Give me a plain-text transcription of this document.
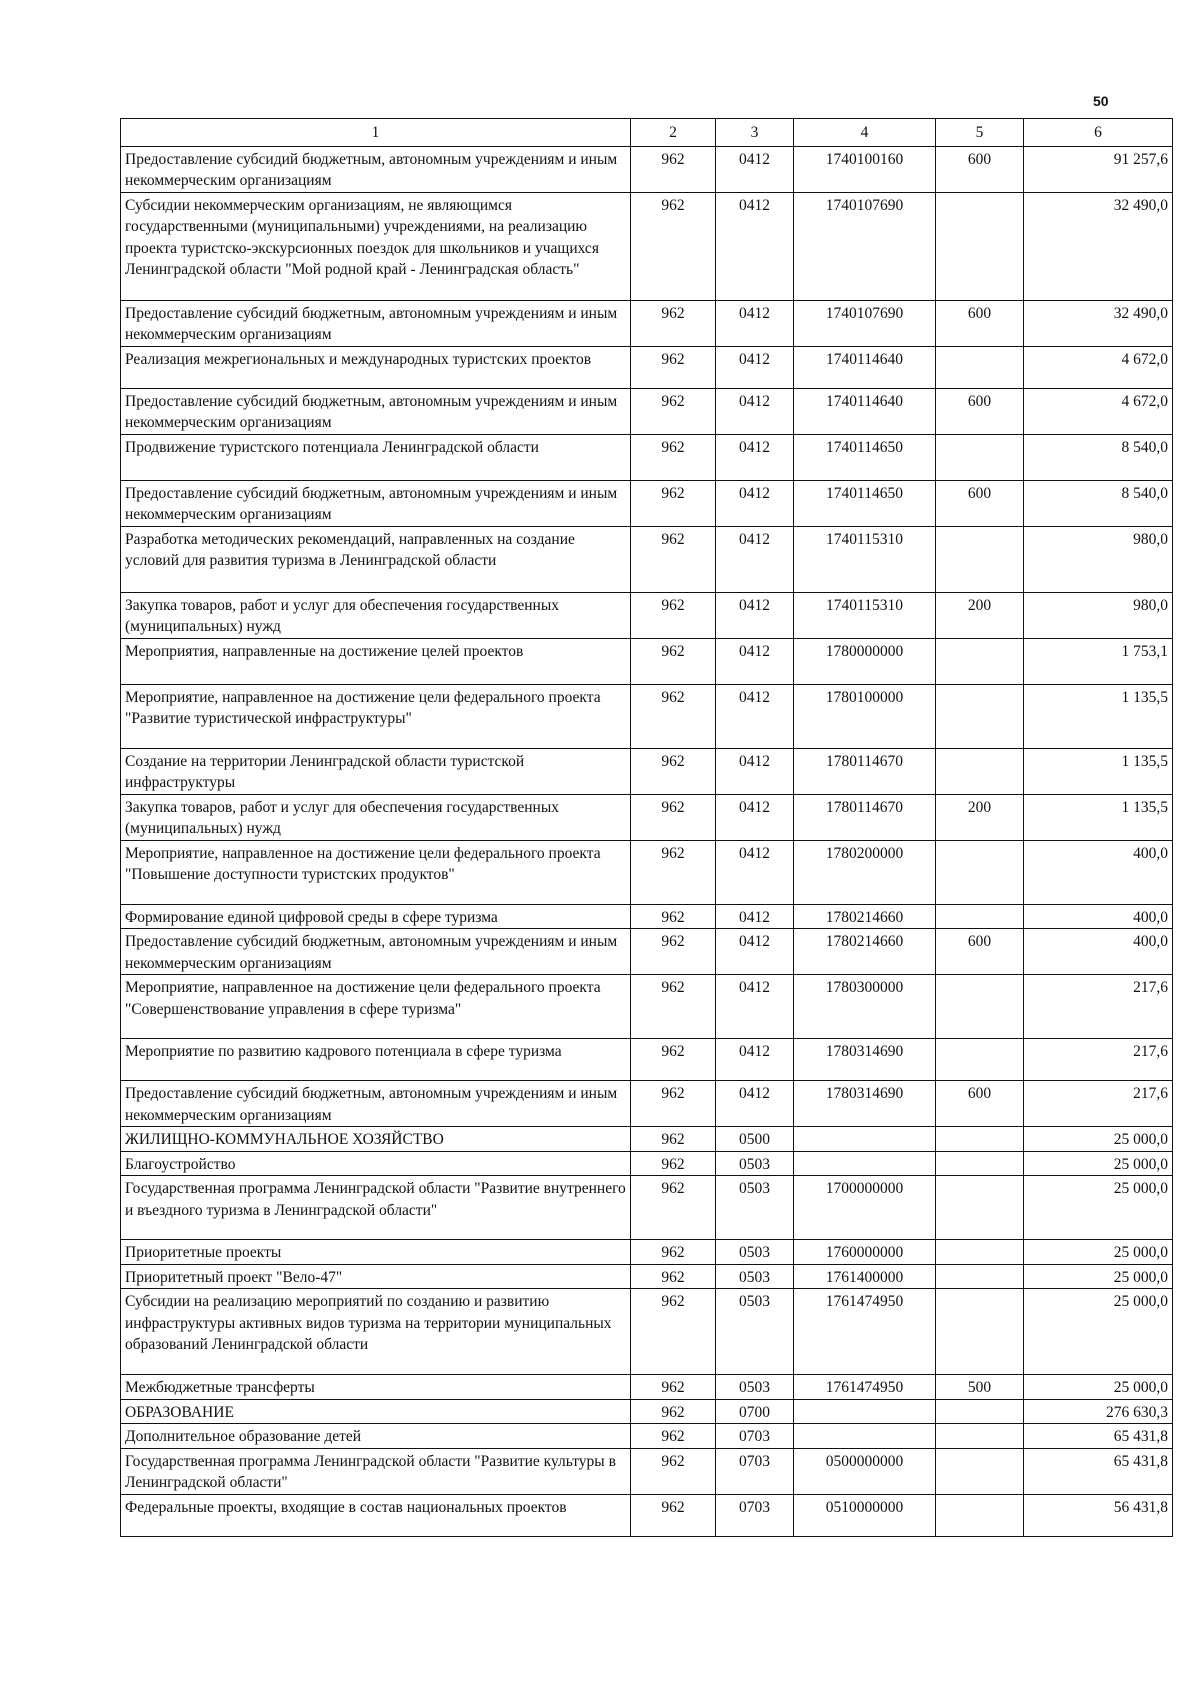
50
1	2	3	4	5	6
Предоставление субсидий бюджетным, автономным учреждениям и иным некоммерческим организациям	962	0412	1740100160	600	91 257,6
Субсидии некоммерческим организациям, не являющимся государственными (муниципальными) учреждениями, на реализацию проекта туристско-экскурсионных поездок для школьников и учащихся Ленинградской области "Мой родной край - Ленинградская область"	962	0412	1740107690		32 490,0
Предоставление субсидий бюджетным, автономным учреждениям и иным некоммерческим организациям	962	0412	1740107690	600	32 490,0
Реализация межрегиональных и международных туристских проектов	962	0412	1740114640		4 672,0
Предоставление субсидий бюджетным, автономным учреждениям и иным некоммерческим организациям	962	0412	1740114640	600	4 672,0
Продвижение туристского потенциала Ленинградской области	962	0412	1740114650		8 540,0
Предоставление субсидий бюджетным, автономным учреждениям и иным некоммерческим организациям	962	0412	1740114650	600	8 540,0
Разработка методических рекомендаций, направленных на создание условий для развития туризма в Ленинградской области	962	0412	1740115310		980,0
Закупка товаров, работ и услуг для обеспечения государственных (муниципальных) нужд	962	0412	1740115310	200	980,0
Мероприятия, направленные на достижение целей проектов	962	0412	1780000000		1 753,1
Мероприятие, направленное на достижение цели федерального проекта "Развитие туристической инфраструктуры"	962	0412	1780100000		1 135,5
Создание на территории Ленинградской области туристской инфраструктуры	962	0412	1780114670		1 135,5
Закупка товаров, работ и услуг для обеспечения государственных (муниципальных) нужд	962	0412	1780114670	200	1 135,5
Мероприятие, направленное на достижение цели федерального проекта "Повышение доступности туристских продуктов"	962	0412	1780200000		400,0
Формирование единой цифровой среды в сфере туризма	962	0412	1780214660		400,0
Предоставление субсидий бюджетным, автономным учреждениям и иным некоммерческим организациям	962	0412	1780214660	600	400,0
Мероприятие, направленное на достижение цели федерального проекта "Совершенствование управления в сфере туризма"	962	0412	1780300000		217,6
Мероприятие по развитию кадрового потенциала в сфере туризма	962	0412	1780314690		217,6
Предоставление субсидий бюджетным, автономным учреждениям и иным некоммерческим организациям	962	0412	1780314690	600	217,6
ЖИЛИЩНО-КОММУНАЛЬНОЕ ХОЗЯЙСТВО	962	0500			25 000,0
Благоустройство	962	0503			25 000,0
Государственная программа Ленинградской области "Развитие внутреннего и въездного туризма в Ленинградской области"	962	0503	1700000000		25 000,0
Приоритетные проекты	962	0503	1760000000		25 000,0
Приоритетный проект "Вело-47"	962	0503	1761400000		25 000,0
Субсидии на реализацию мероприятий по созданию и развитию инфраструктуры активных видов туризма на территории муниципальных образований Ленинградской области	962	0503	1761474950		25 000,0
Межбюджетные трансферты	962	0503	1761474950	500	25 000,0
ОБРАЗОВАНИЕ	962	0700			276 630,3
Дополнительное образование детей	962	0703			65 431,8
Государственная программа Ленинградской области "Развитие культуры в Ленинградской области"	962	0703	0500000000		65 431,8
Федеральные проекты, входящие в состав национальных проектов	962	0703	0510000000		56 431,8
